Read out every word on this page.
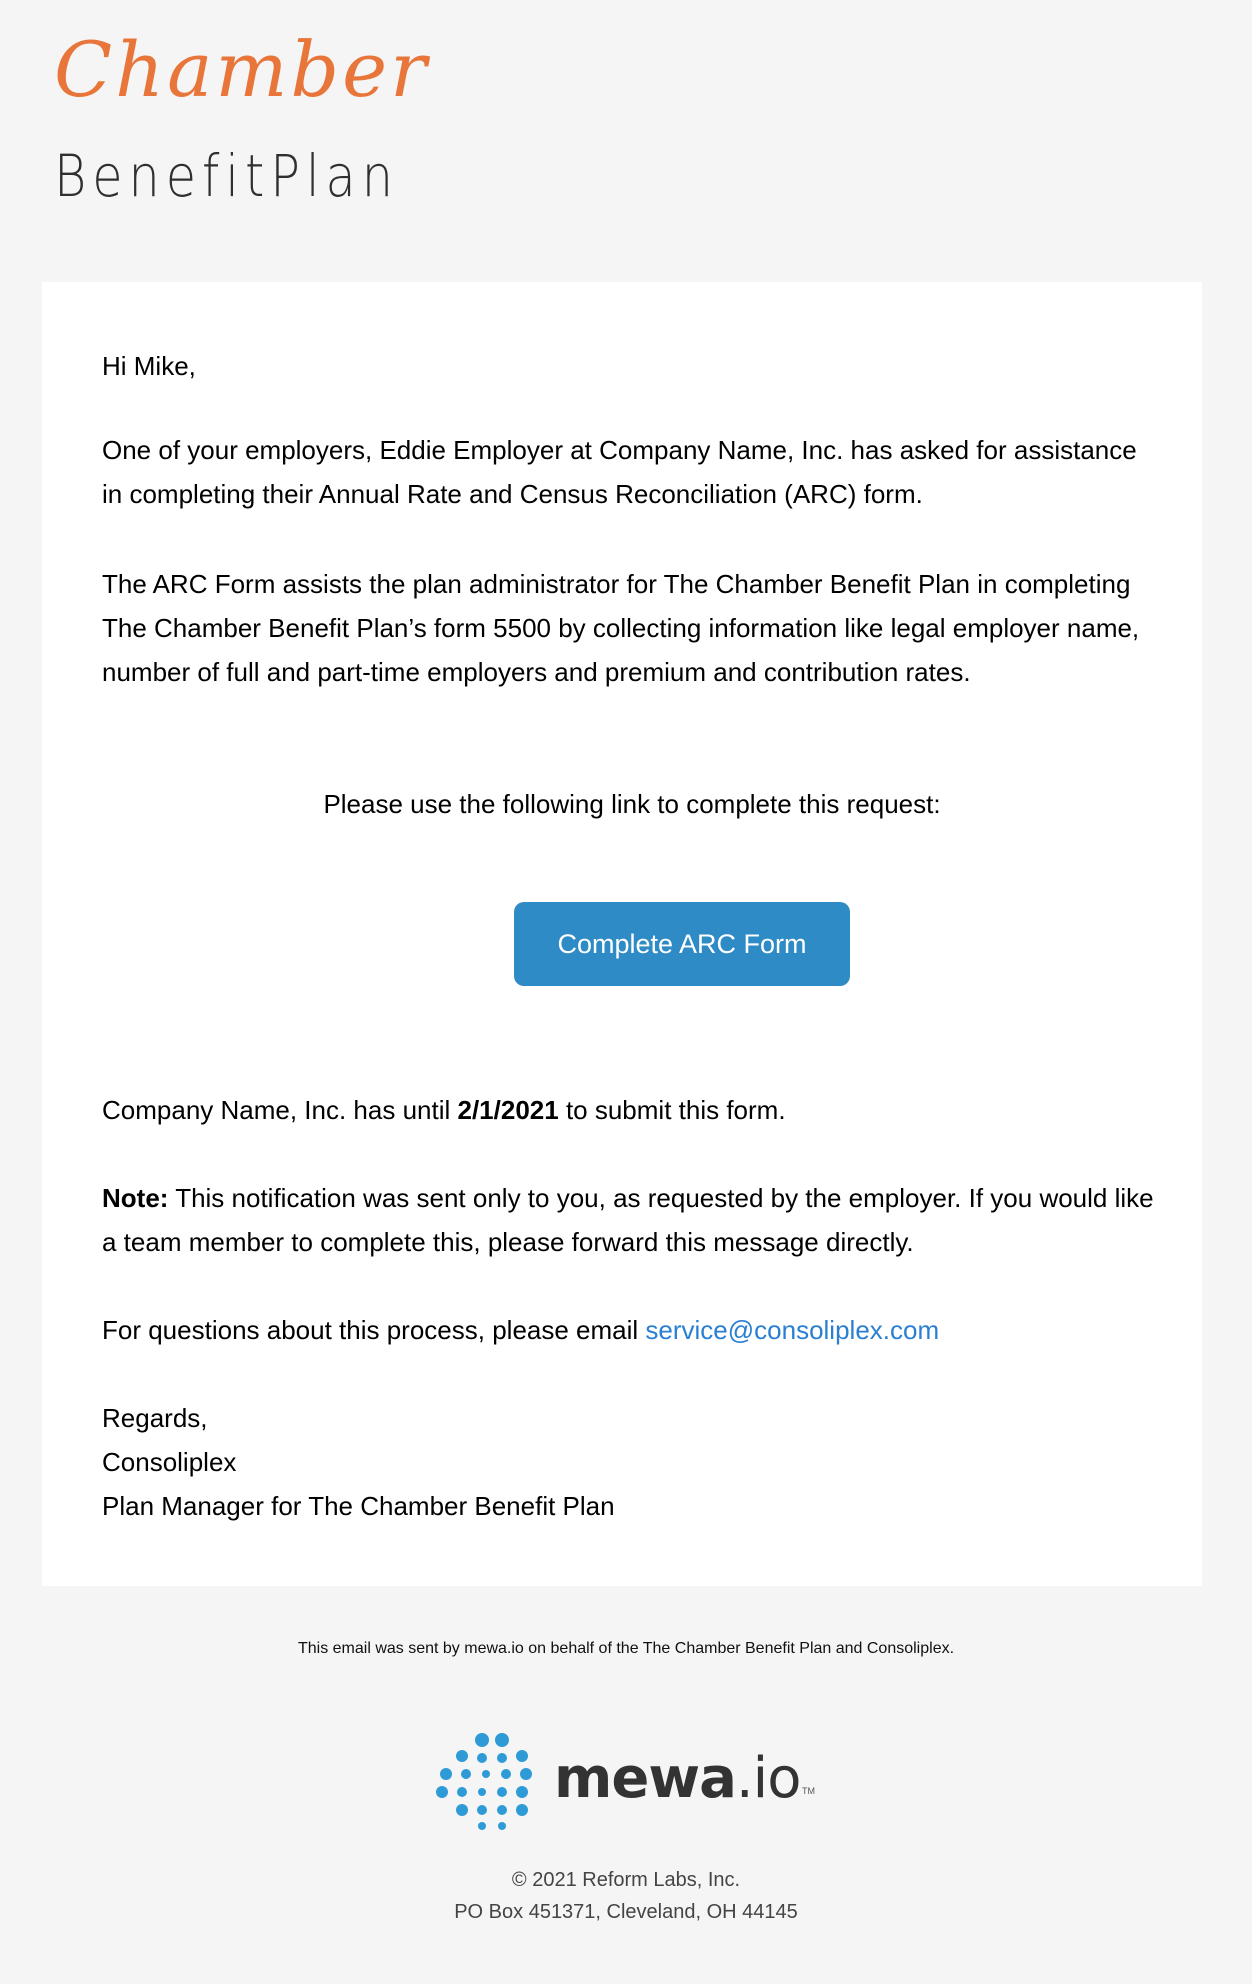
Chamber
BenefitPlan

Hi Mike,

One of your employers, Eddie Employer at Company Name, Inc. has asked for assistance in completing their Annual Rate and Census Reconciliation (ARC) form.

The ARC Form assists the plan administrator for The Chamber Benefit Plan in completing The Chamber Benefit Plan’s form 5500 by collecting information like legal employer name, number of full and part-time employers and premium and contribution rates.

Please use the following link to complete this request:

Complete ARC Form

Company Name, Inc. has until 2/1/2021 to submit this form.

Note: This notification was sent only to you, as requested by the employer. If you would like a team member to complete this, please forward this message directly.

For questions about this process, please email service@consoliplex.com

Regards,

Consoliplex

Plan Manager for The Chamber Benefit Plan

This email was sent by mewa.io on behalf of the The Chamber Benefit Plan and Consoliplex.
mewa.io TM
© 2021 Reform Labs, Inc.
PO Box 451371, Cleveland, OH 44145
